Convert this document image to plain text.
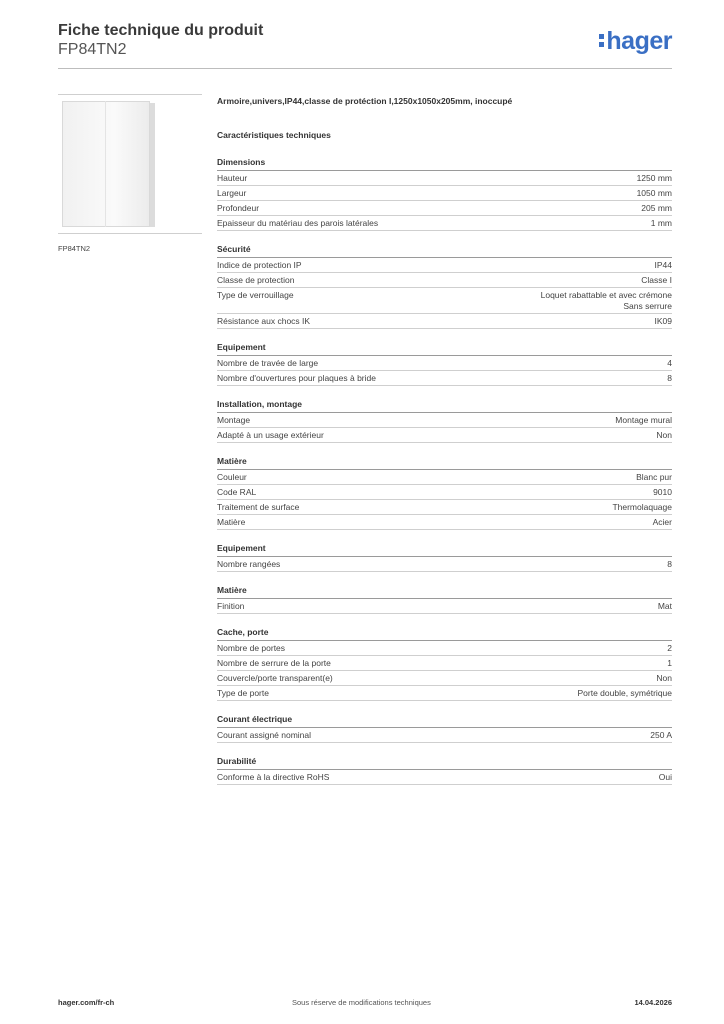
Fiche technique du produit
FP84TN2	hager
FP84TN2
Armoire,univers,IP44,classe de protéction I,1250x1050x205mm, inoccupé
Caractéristiques techniques
Dimensions
Hauteur	1250 mm
Largeur	1050 mm
Profondeur	205 mm
Epaisseur du matériau des parois latérales	1 mm
Sécurité
Indice de protection IP	IP44
Classe de protection	Classe I
Type de verrouillage	Loquet rabattable et avec crémone
Sans serrure
Résistance aux chocs IK	IK09
Equipement
Nombre de travée de large	4
Nombre d'ouvertures pour plaques à bride	8
Installation, montage
Montage	Montage mural
Adapté à un usage extérieur	Non
Matière
Couleur	Blanc pur
Code RAL	9010
Traitement de surface	Thermolaquage
Matière	Acier
Equipement
Nombre rangées	8
Matière
Finition	Mat
Cache, porte
Nombre de portes	2
Nombre de serrure de la porte	1
Couvercle/porte transparent(e)	Non
Type de porte	Porte double, symétrique
Courant électrique
Courant assigné nominal	250 A
Durabilité
Conforme à la directive RoHS	Oui
hager.com/fr-ch	Sous réserve de modifications techniques	14.04.2026
